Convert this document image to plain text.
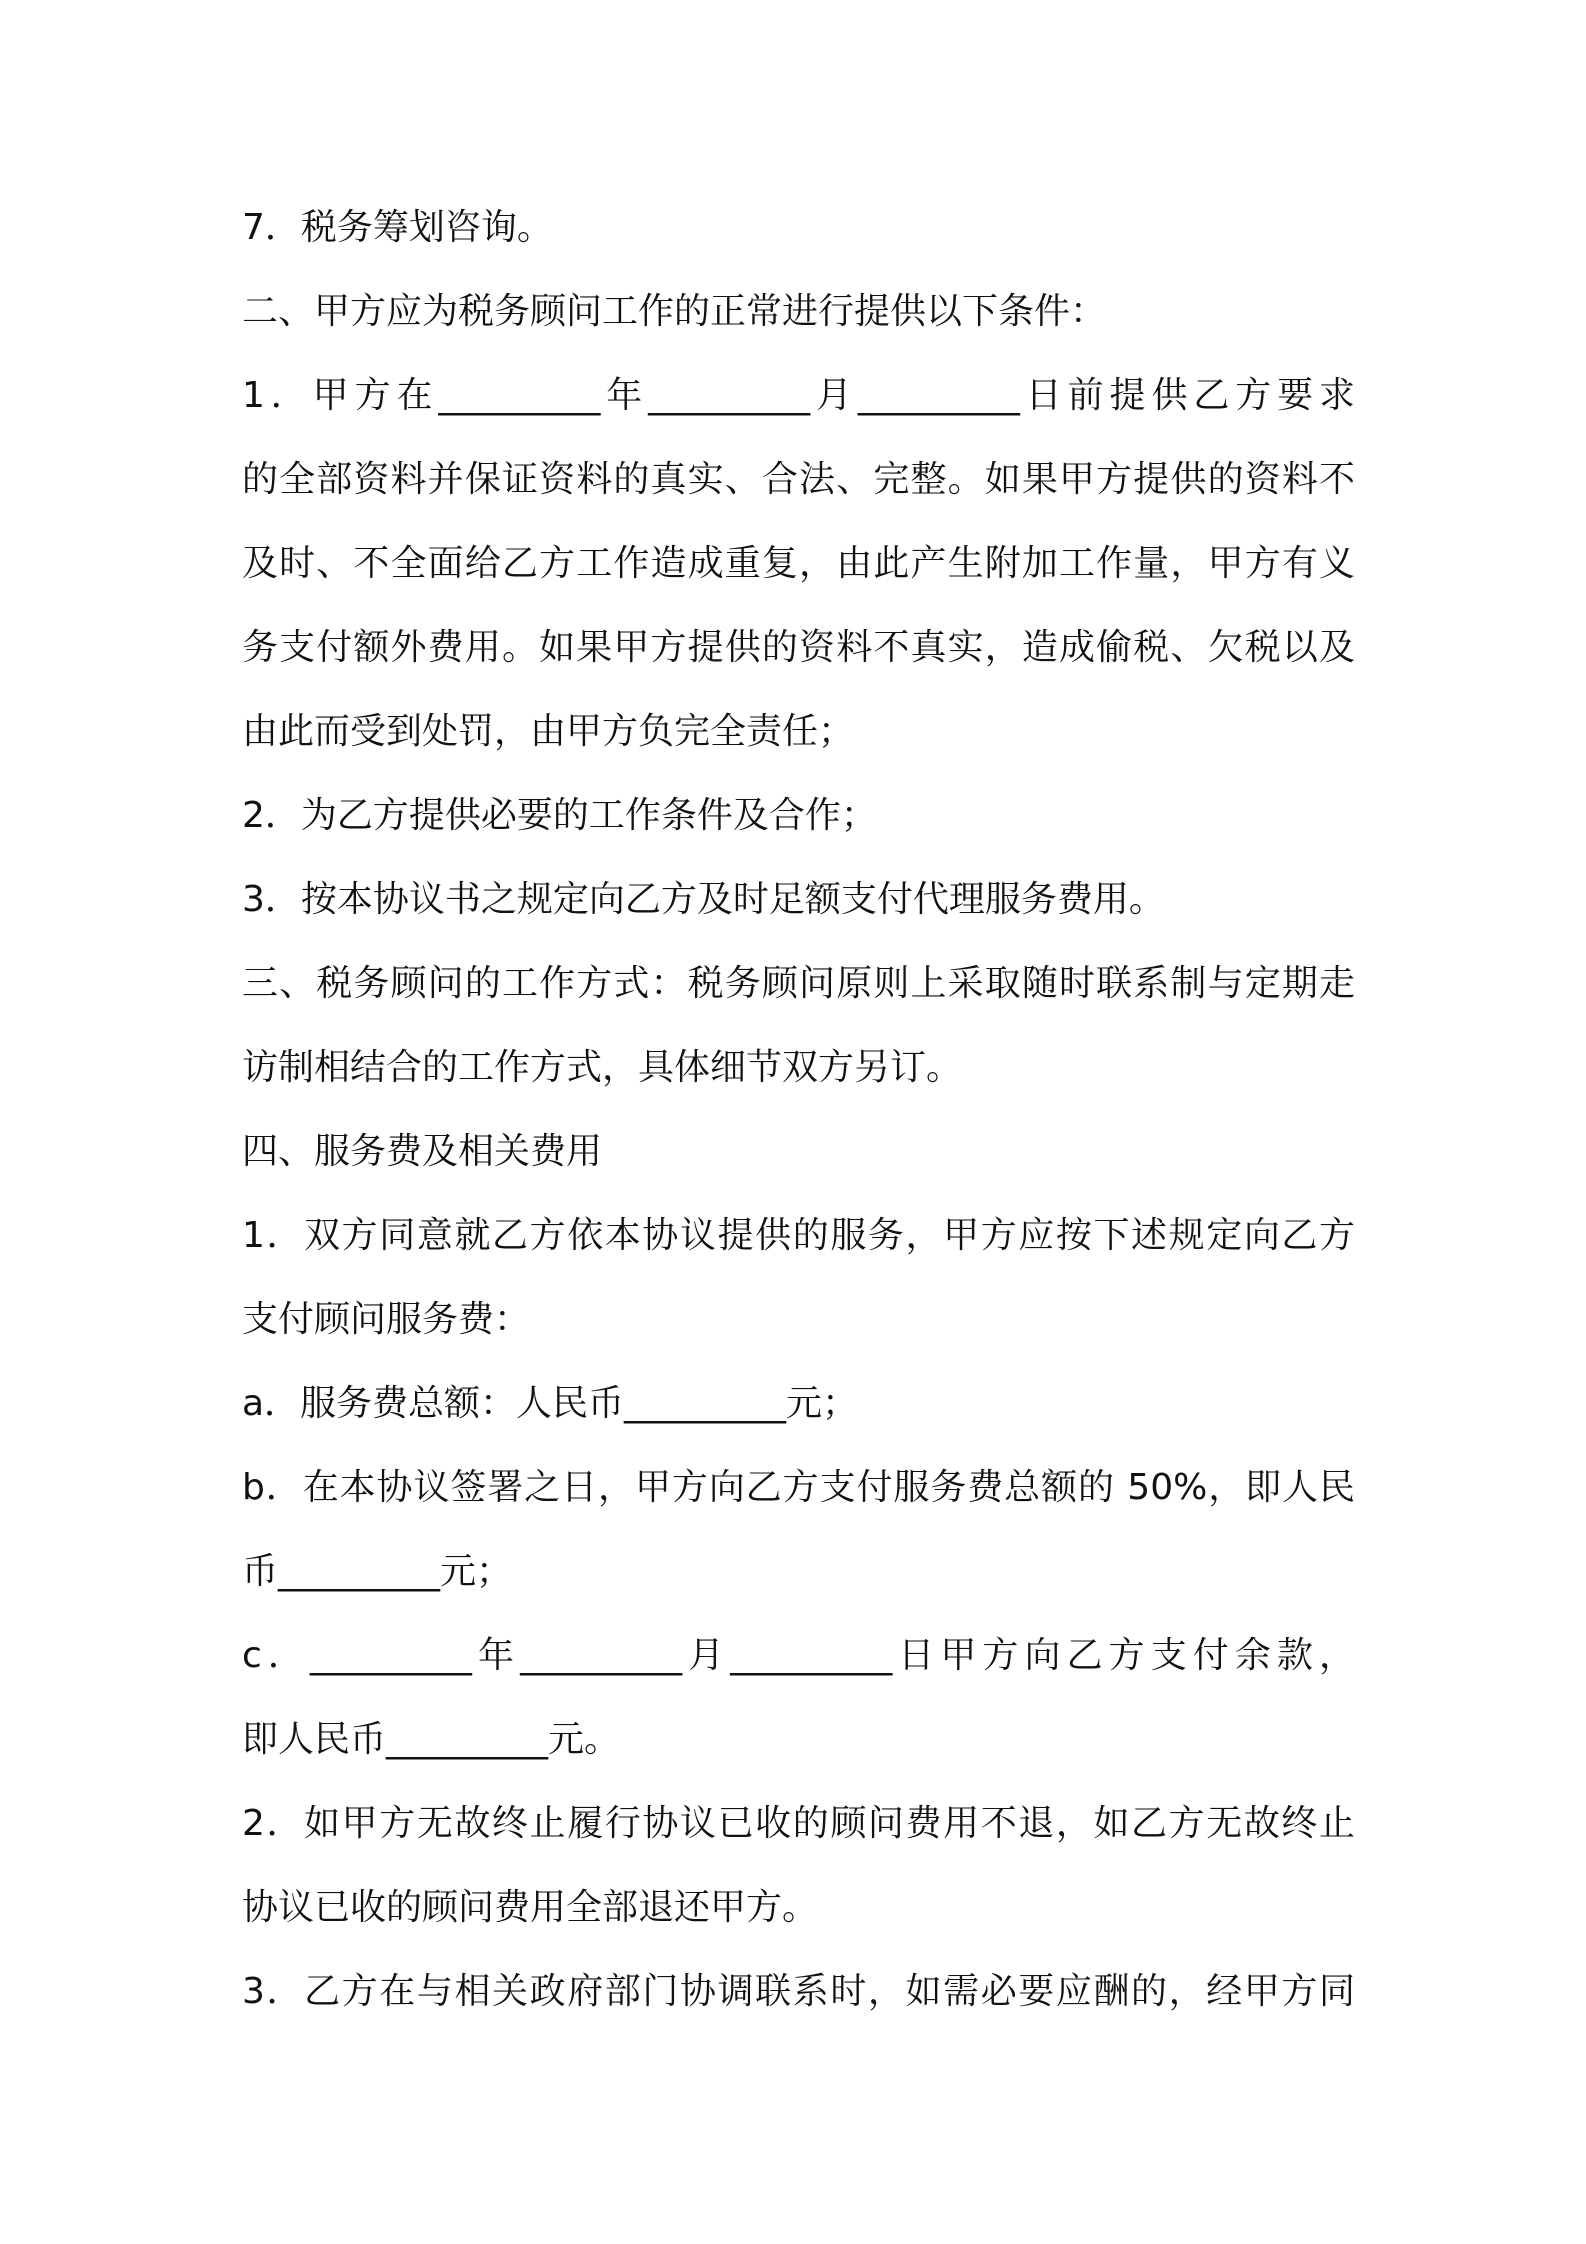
7．税务筹划咨询。
二、甲方应为税务顾问工作的正常进行提供以下条件：
1．甲方在_________年_________月_________日前提供乙方要求
的全部资料并保证资料的真实、合法、完整。如果甲方提供的资料不
及时、不全面给乙方工作造成重复，由此产生附加工作量，甲方有义
务支付额外费用。如果甲方提供的资料不真实，造成偷税、欠税以及
由此而受到处罚，由甲方负完全责任；
2．为乙方提供必要的工作条件及合作；
3．按本协议书之规定向乙方及时足额支付代理服务费用。
三、税务顾问的工作方式：税务顾问原则上采取随时联系制与定期走
访制相结合的工作方式，具体细节双方另订。
四、服务费及相关费用
1．双方同意就乙方依本协议提供的服务，甲方应按下述规定向乙方
支付顾问服务费：
a．服务费总额：人民币_________元；
b．在本协议签署之日，甲方向乙方支付服务费总额的 50%，即人民
币_________元；
c．_________年_________月_________日甲方向乙方支付余款，
即人民币_________元。
2．如甲方无故终止履行协议已收的顾问费用不退，如乙方无故终止
协议已收的顾问费用全部退还甲方。
3．乙方在与相关政府部门协调联系时，如需必要应酬的，经甲方同
